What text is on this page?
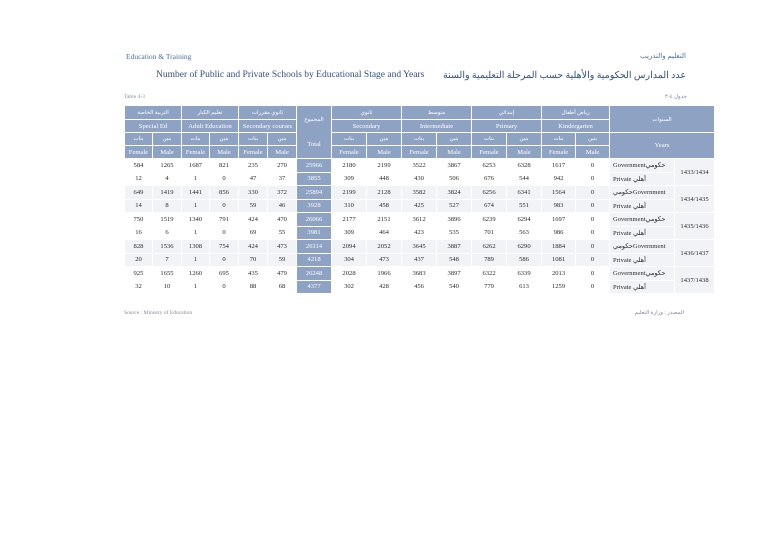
Education & Training	التعليم والتدريب
Number of Public and Private Schools by Educational Stage and Years عدد المدارس الحكومية والأهلية حسب المرحلة التعليمية والسنة
Table 4-3	جدول ٤-٣
التربية الخاصة		تعليم الكبار		ثانوي مقررات		المجموع
Total	ثانوي		متوسط		إبتدائي		رياض أطفال		السنوات	
Special Ed		Adult Education		Secondary courses			Secondary		Intermediate		Primary		Kindergarten			
بنات	بنين	بنات	بنين	بنات	بنين		بنات	بنين	بنات	بنين	بنات	بنين	بنات	بنين	Years	
Female	Male	Female	Male	Female	Male		Female	Male	Female	Male	Female	Male	Female	Male		
584	1265	1687	821	235	270	25966	2180	2199	3522	3867	6253	6328	1617	0	Governmentحكومي	1433/1434
12	4	1	0	47	37	3855	309	448	430	506	676	544	942	0	Private أهلي	
649	1419	1441	856	330	372	25894	2199	2128	3582	3824	6256	6341	1564	0	حكوميGovernment	1434/1435
14	8	1	0	59	46	3928	310	458	425	527	674	551	983	0	Private أهلي	
750	1519	1340	791	424	470	26066	2177	2151	3612	3896	6239	6294	1697	0	Governmentحكومي	1435/1436
16	6	1	0	69	55	3981	309	464	423	535	701	563	986	0	Private أهلي	
828	1536	1308	754	424	473	26114	2094	2052	3645	3887	6262	6290	1884	0	حكوميGovernment	1436/1437
20	7	1	0	70	59	4218	304	473	437	548	789	586	1081	0	Private أهلي	
925	1655	1260	695	435	479	26248	2028	1966	3683	3897	6322	6339	2013	0	Governmentحكومي	1437/1438
32	10	1	0	88	68	4377	302	428	456	540	779	613	1259	0	Private أهلي	
Source : Ministry of Education	المصدر : وزارة التعليم
